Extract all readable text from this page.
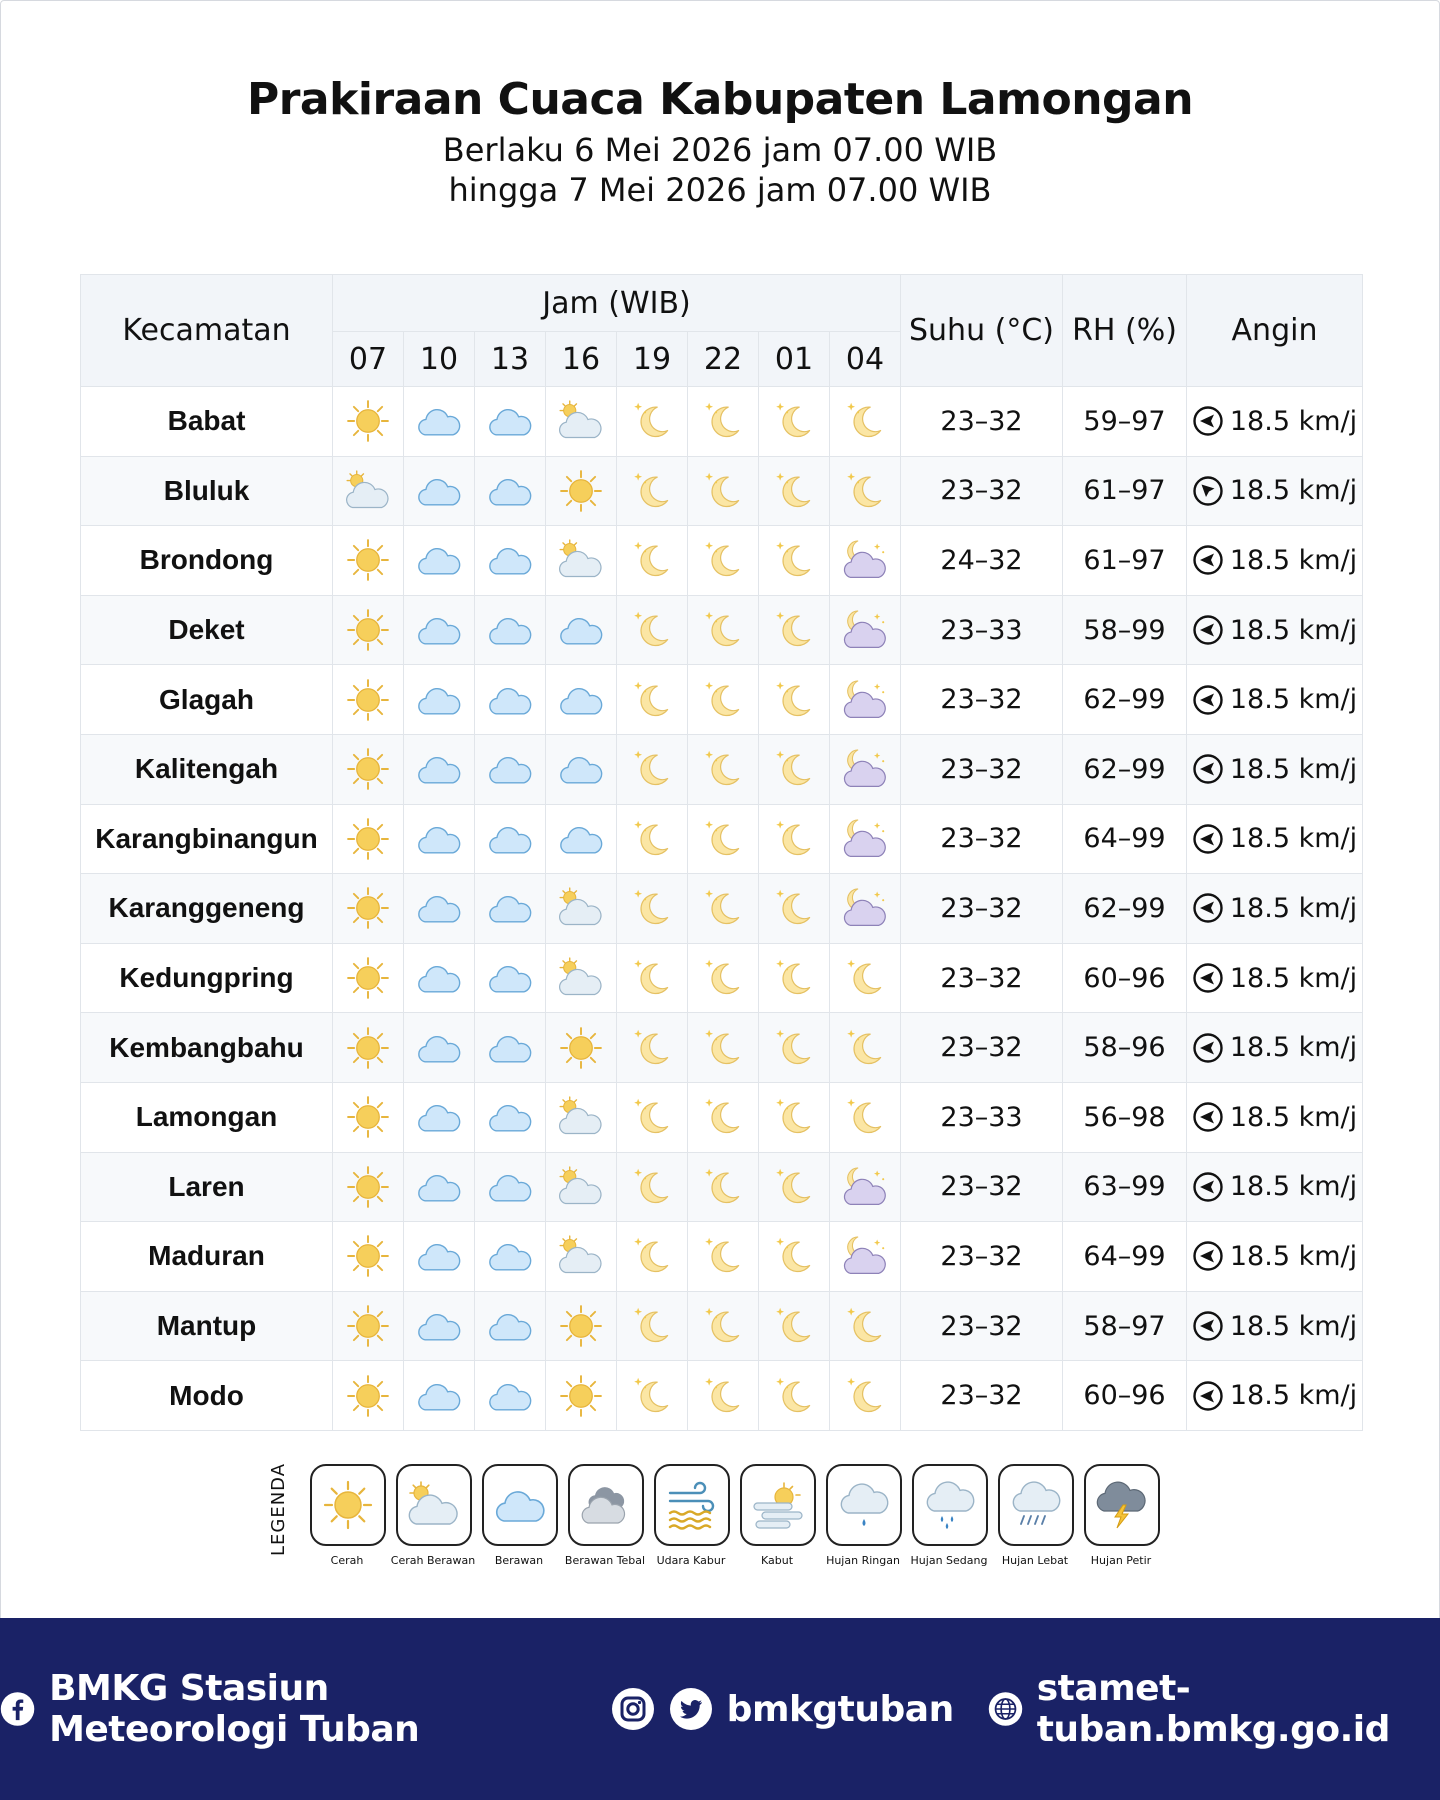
Prakiraan Cuaca Kabupaten Lamongan

Berlaku 6 Mei 2026 jam 07.00 WIB

hingga 7 Mei 2026 jam 07.00 WIB

Kecamatan	Jam (WIB)								Suhu (°C)	RH (%)	Angin
	07	10	13	16	19	22	01	04			
Babat									23–32	59–97	18.5 km/j

Bluluk									23–32	61–97	18.5 km/j

Brondong									24–32	61–97	18.5 km/j

Deket									23–33	58–99	18.5 km/j

Glagah									23–32	62–99	18.5 km/j

Kalitengah									23–32	62–99	18.5 km/j

Karangbinangun									23–32	64–99	18.5 km/j

Karanggeneng									23–32	62–99	18.5 km/j

Kedungpring									23–32	60–96	18.5 km/j

Kembangbahu									23–32	58–96	18.5 km/j

Lamongan									23–33	56–98	18.5 km/j

Laren									23–32	63–99	18.5 km/j

Maduran									23–32	64–99	18.5 km/j

Mantup									23–32	58–97	18.5 km/j

Modo									23–32	60–96	18.5 km/j
LEGENDA
Cerah	Cerah Berawan	Berawan	Berawan Tebal	Udara Kabur	Kabut	Hujan Ringan Hujan Sedang	Hujan Lebat	Hujan Petir
BMKG Stasiun Meteorologi Tuban	bmkgtuban stamet-tuban.bmkg.go.id
